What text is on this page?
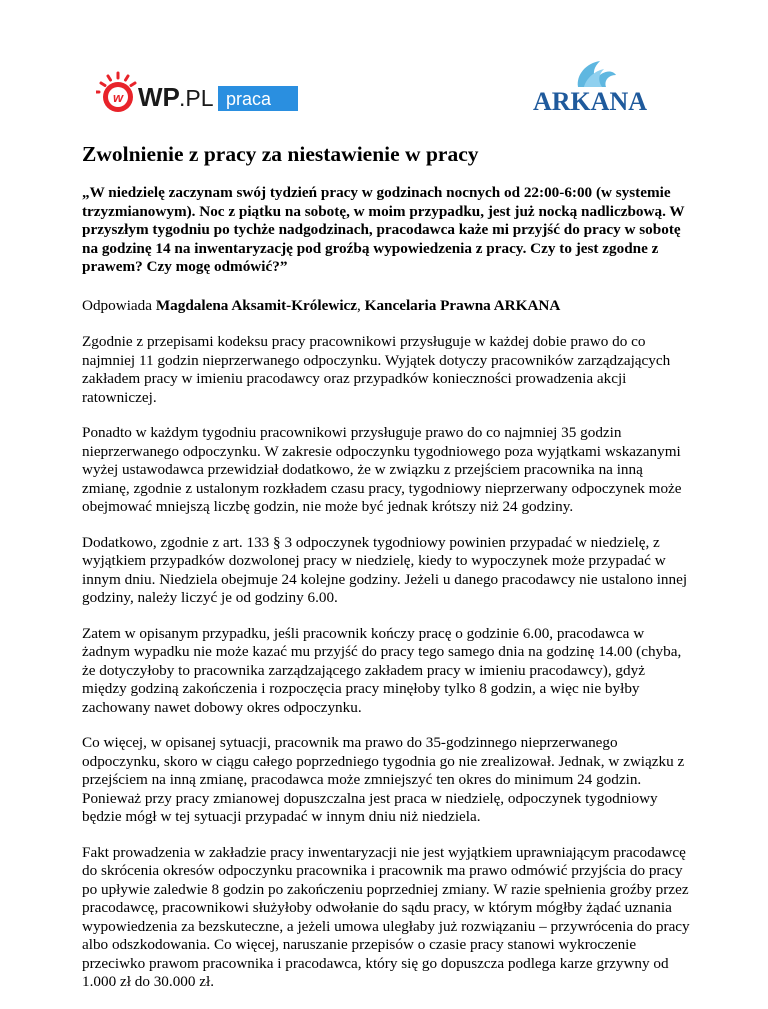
w WP .PL praca	ARKANA
Zwolnienie z pracy za niestawienie w pracy

„W niedzielę zaczynam swój tydzień pracy w godzinach nocnych od 22:00-6:00 (w systemie trzyzmianowym). Noc z piątku na sobotę, w moim przypadku, jest już nocką nadliczbową. W przyszłym tygodniu po tychże nadgodzinach, pracodawca każe mi przyjść do pracy w sobotę na godzinę 14 na inwentaryzację pod groźbą wypowiedzenia z pracy. Czy to jest zgodne z prawem? Czy mogę odmówić?”

Odpowiada Magdalena Aksamit-Królewicz, Kancelaria Prawna ARKANA

Zgodnie z przepisami kodeksu pracy pracownikowi przysługuje w każdej dobie prawo do co najmniej 11 godzin nieprzerwanego odpoczynku. Wyjątek dotyczy pracowników zarządzających zakładem pracy w imieniu pracodawcy oraz przypadków konieczności prowadzenia akcji ratowniczej.

Ponadto w każdym tygodniu pracownikowi przysługuje prawo do co najmniej 35 godzin nieprzerwanego odpoczynku. W zakresie odpoczynku tygodniowego poza wyjątkami wskazanymi wyżej ustawodawca przewidział dodatkowo, że w związku z przejściem pracownika na inną zmianę, zgodnie z ustalonym rozkładem czasu pracy, tygodniowy nieprzerwany odpoczynek może obejmować mniejszą liczbę godzin, nie może być jednak krótszy niż 24 godziny.

Dodatkowo, zgodnie z art. 133 § 3 odpoczynek tygodniowy powinien przypadać w niedzielę, z wyjątkiem przypadków dozwolonej pracy w niedzielę, kiedy to wypoczynek może przypadać w innym dniu. Niedziela obejmuje 24 kolejne godziny. Jeżeli u danego pracodawcy nie ustalono innej godziny, należy liczyć je od godziny 6.00.

Zatem w opisanym przypadku, jeśli pracownik kończy pracę o godzinie 6.00, pracodawca w żadnym wypadku nie może kazać mu przyjść do pracy tego samego dnia na godzinę 14.00 (chyba, że dotyczyłoby to pracownika zarządzającego zakładem pracy w imieniu pracodawcy), gdyż między godziną zakończenia i rozpoczęcia pracy minęłoby tylko 8 godzin, a więc nie byłby zachowany nawet dobowy okres odpoczynku.

Co więcej, w opisanej sytuacji, pracownik ma prawo do 35-godzinnego nieprzerwanego odpoczynku, skoro w ciągu całego poprzedniego tygodnia go nie zrealizował. Jednak, w związku z przejściem na inną zmianę, pracodawca może zmniejszyć ten okres do minimum 24 godzin. Ponieważ przy pracy zmianowej dopuszczalna jest praca w niedzielę, odpoczynek tygodniowy będzie mógł w tej sytuacji przypadać w innym dniu niż niedziela.

Fakt prowadzenia w zakładzie pracy inwentaryzacji nie jest wyjątkiem uprawniającym pracodawcę do skrócenia okresów odpoczynku pracownika i pracownik ma prawo odmówić przyjścia do pracy po upływie zaledwie 8 godzin po zakończeniu poprzedniej zmiany. W razie spełnienia groźby przez pracodawcę, pracownikowi służyłoby odwołanie do sądu pracy, w którym mógłby żądać uznania wypowiedzenia za bezskuteczne, a jeżeli umowa uległaby już rozwiązaniu – przywrócenia do pracy albo odszkodowania. Co więcej, naruszanie przepisów o czasie pracy stanowi wykroczenie przeciwko prawom pracownika i pracodawca, który się go dopuszcza podlega karze grzywny od 1.000 zł do 30.000 zł.
